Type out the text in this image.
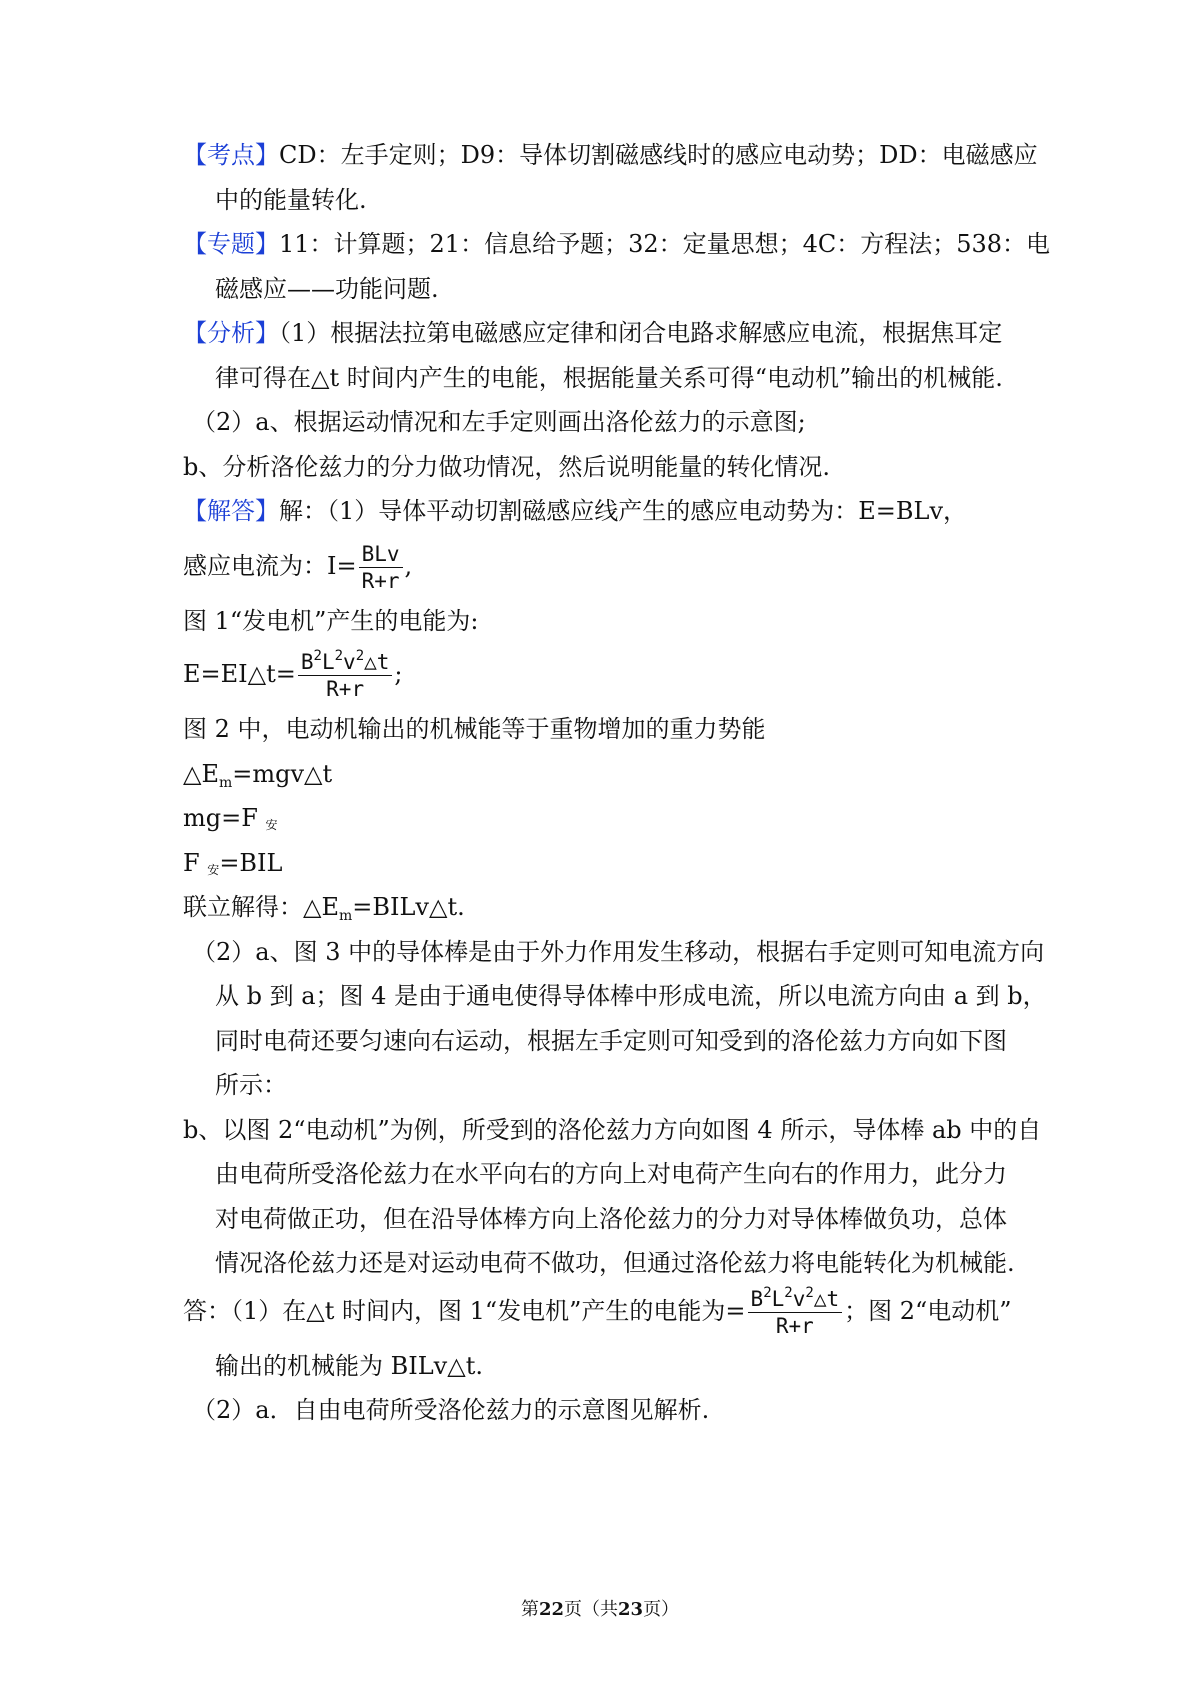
【考点】CD：左手定则；D9：导体切割磁感线时的感应电动势；DD：电磁感应
中的能量转化.
【专题】11：计算题；21：信息给予题；32：定量思想；4C：方程法；538：电
磁感应——功能问题.
【分析】（1）根据法拉第电磁感应定律和闭合电路求解感应电流，根据焦耳定
律可得在△t 时间内产生的电能，根据能量关系可得“电动机”输出的机械能.
（2）a、根据运动情况和左手定则画出洛伦兹力的示意图;
b、分析洛伦兹力的分力做功情况，然后说明能量的转化情况.
【解答】解：（1）导体平动切割磁感应线产生的感应电动势为：E=BLv，
感应电流为：$I= \frac{\text{BLv}}{R+r}$ ,
图 1“发电机”产生的电能为:
E=EI△t= $\frac{B^2L^2v^2\triangle t}{R+r}$ ;
图 2 中，电动机输出的机械能等于重物增加的重力势能
$\triangle E_m=mgv\triangle t$
mg=F 安
F 安=BIL
联立解得：$\triangle E_m=BILv\triangle t$.
（2）a、图 3 中的导体棒是由于外力作用发生移动，根据右手定则可知电流方向
从 b 到 a；图 4 是由于通电使得导体棒中形成电流，所以电流方向由 a 到 b，
同时电荷还要匀速向右运动，根据左手定则可知受到的洛伦兹力方向如下图
所示：
b、以图 2“电动机”为例，所受到的洛伦兹力方向如图 4 所示，导体棒 ab 中的自
由电荷所受洛伦兹力在水平向右的方向上对电荷产生向右的作用力，此分力
对电荷做正功，但在沿导体棒方向上洛伦兹力的分力对导体棒做负功，总体
情况洛伦兹力还是对运动电荷不做功，但通过洛伦兹力将电能转化为机械能.
答：（1）在△t 时间内，图 1“发电机”产生的电能为= $\frac{B^2L^2v^2\triangle t}{R+r}$ ；图 2“电动机”
输出的机械能为 BILv△t.
（2）a．自由电荷所受洛伦兹力的示意图见解析.
第22页（共23页）
